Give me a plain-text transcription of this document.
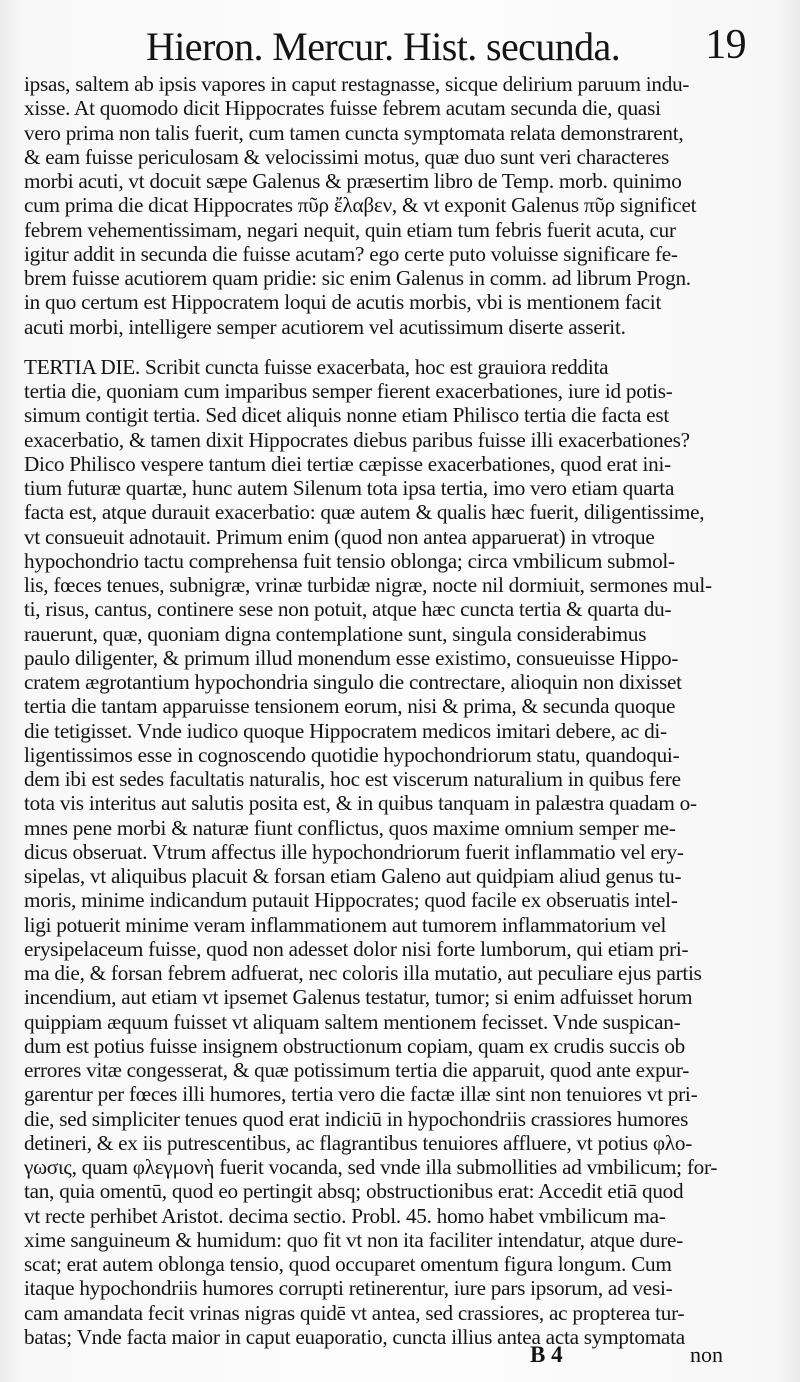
Hieron. Mercur. Hist. secunda. 19
ipsas, saltem ab ipsis vapores in caput restagnasse, sicque delirium paruum indu-
xisse. At quomodo dicit Hippocrates fuisse febrem acutam secunda die, quasi
vero prima non talis fuerit, cum tamen cuncta symptomata relata demonstrarent,
& eam fuisse periculosam & velocissimi motus, quæ duo sunt veri characteres
morbi acuti, vt docuit sæpe Galenus & præsertim libro de Temp. morb. quinimo
cum prima die dicat Hippocrates πῦρ ἔλαβεν, & vt exponit Galenus πῦρ significet
febrem vehementissimam, negari nequit, quin etiam tum febris fuerit acuta, cur
igitur addit in secunda die fuisse acutam? ego certe puto voluisse significare fe-
brem fuisse acutiorem quam pridie: sic enim Galenus in comm. ad librum Progn.
in quo certum est Hippocratem loqui de acutis morbis, vbi is mentionem facit
acuti morbi, intelligere semper acutiorem vel acutissimum diserte asserit.
TERTIA DIE. Scribit cuncta fuisse exacerbata, hoc est grauiora reddita
tertia die, quoniam cum imparibus semper fierent exacerbationes, iure id potis-
simum contigit tertia. Sed dicet aliquis nonne etiam Philisco tertia die facta est
exacerbatio, & tamen dixit Hippocrates diebus paribus fuisse illi exacerbationes?
Dico Philisco vespere tantum diei tertiæ cæpisse exacerbationes, quod erat ini-
tium futuræ quartæ, hunc autem Silenum tota ipsa tertia, imo vero etiam quarta
facta est, atque durauit exacerbatio: quæ autem & qualis hæc fuerit, diligentissime,
vt consueuit adnotauit. Primum enim (quod non antea apparuerat) in vtroque
hypochondrio tactu comprehensa fuit tensio oblonga; circa vmbilicum submol-
lis, fœces tenues, subnigræ, vrinæ turbidæ nigræ, nocte nil dormiuit, sermones mul-
ti, risus, cantus, continere sese non potuit, atque hæc cuncta tertia & quarta du-
rauerunt, quæ, quoniam digna contemplatione sunt, singula considerabimus
paulo diligenter, & primum illud monendum esse existimo, consueuisse Hippo-
cratem ægrotantium hypochondria singulo die contrectare, alioquin non dixisset
tertia die tantam apparuisse tensionem eorum, nisi & prima, & secunda quoque
die tetigisset. Vnde iudico quoque Hippocratem medicos imitari debere, ac di-
ligentissimos esse in cognoscendo quotidie hypochondriorum statu, quandoqui-
dem ibi est sedes facultatis naturalis, hoc est viscerum naturalium in quibus fere
tota vis interitus aut salutis posita est, & in quibus tanquam in palæstra quadam o-
mnes pene morbi & naturæ fiunt conflictus, quos maxime omnium semper me-
dicus obseruat. Vtrum affectus ille hypochondriorum fuerit inflammatio vel ery-
sipelas, vt aliquibus placuit & forsan etiam Galeno aut quidpiam aliud genus tu-
moris, minime indicandum putauit Hippocrates; quod facile ex obseruatis intel-
ligi potuerit minime veram inflammationem aut tumorem inflammatorium vel
erysipelaceum fuisse, quod non adesset dolor nisi forte lumborum, qui etiam pri-
ma die, & forsan febrem adfuerat, nec coloris illa mutatio, aut peculiare ejus partis
incendium, aut etiam vt ipsemet Galenus testatur, tumor; si enim adfuisset horum
quippiam æquum fuisset vt aliquam saltem mentionem fecisset. Vnde suspican-
dum est potius fuisse insignem obstructionum copiam, quam ex crudis succis ob
errores vitæ congesserat, & quæ potissimum tertia die apparuit, quod ante expur-
garentur per fœces illi humores, tertia vero die factæ illæ sint non tenuiores vt pri-
die, sed simpliciter tenues quod erat indiciū in hypochondriis crassiores humores
detineri, & ex iis putrescentibus, ac flagrantibus tenuiores affluere, vt potius φλο-
γωσις, quam φλεγμονὴ fuerit vocanda, sed vnde illa submollities ad vmbilicum; for-
tan, quia omentū, quod eo pertingit absq; obstructionibus erat: Accedit etiā quod
vt recte perhibet Aristot. decima sectio. Probl. 45. homo habet vmbilicum ma-
xime sanguineum & humidum: quo fit vt non ita faciliter intendatur, atque dure-
scat; erat autem oblonga tensio, quod occuparet omentum figura longum. Cum
itaque hypochondriis humores corrupti retinerentur, iure pars ipsorum, ad vesi-
cam amandata fecit vrinas nigras quidē vt antea, sed crassiores, ac propterea tur-
batas; Vnde facta maior in caput euaporatio, cuncta illius antea acta symptomata
B 4	non
